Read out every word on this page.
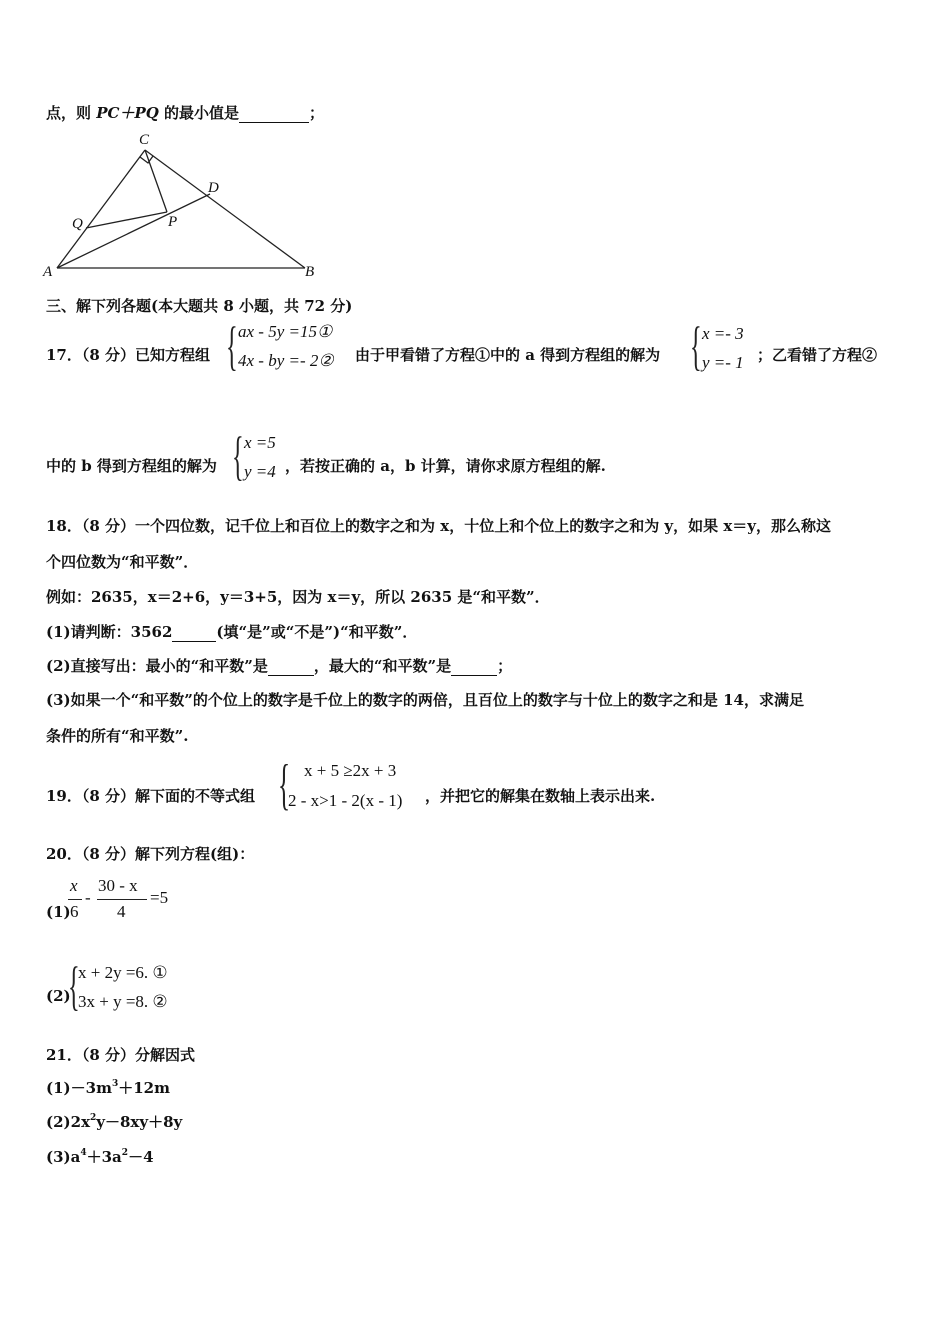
点，则 PC＋PQ 的最小值是	；
C
D
Q	P
A	B
三、解下列各题(本大题共 8 小题，共 72 分)
17．（8 分）已知方程组 { ax - 5y =15①
4x - by =- 2② 由于甲看错了方程①中的 a 得到方程组的解为 { x =- 3
y =- 1 ；乙看错了方程②
中的 b 得到方程组的解为 { x =5
y =4 ，若按正确的 a，b 计算，请你求原方程组的解.
18．（8 分）一个四位数，记千位上和百位上的数字之和为 x，十位上和个位上的数字之和为 y，如果 x＝y，那么称这
个四位数为“和平数”．
例如：2635，x＝2+6，y＝3+5，因为 x＝y，所以 2635 是“和平数”．
(1)请判断：3562	(填“是”或“不是”)“和平数”．
(2)直接写出：最小的“和平数”是	，最大的“和平数”是	；
(3)如果一个“和平数”的个位上的数字是千位上的数字的两倍，且百位上的数字与十位上的数字之和是 14，求满足
条件的所有“和平数”.
19．（8 分）解下面的不等式组 { x + 5 ≥2x + 3
2 - x>1 - 2(x - 1) ，并把它的解集在数轴上表示出来.
20．（8 分）解下列方程(组)：
(1)
x
6
-
30 - x
4
=5
(2)
{
x + 2y =6. ①
3x + y =8. ②
21．（8 分）分解因式
$(1)-3m^3+12m$
$(2)2x^2y-8xy+8y$
$(3)a^4+3a^2-4$
